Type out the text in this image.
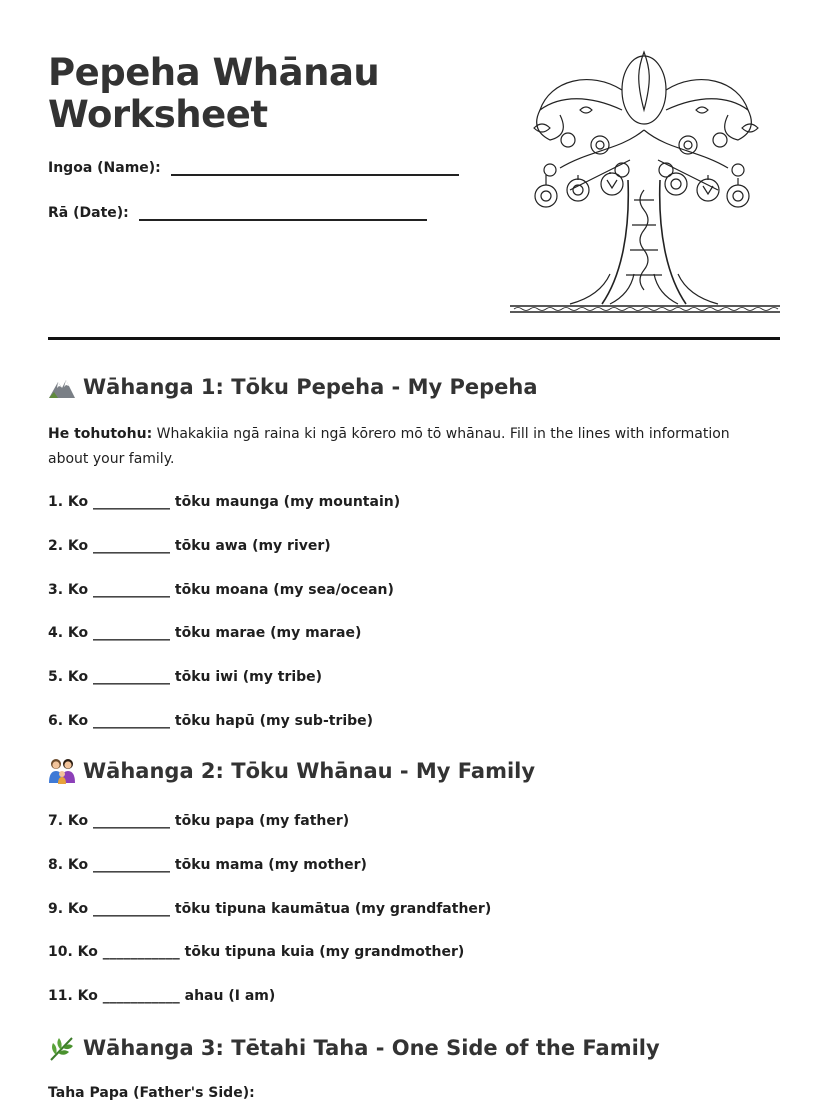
Pepeha Whānau Worksheet
Ingoa (Name):
Rā (Date):
Wāhanga 1: Tōku Pepeha - My Pepeha

He tohutohu: Whakakiia ngā raina ki ngā kōrero mō tō whānau. Fill in the lines with information about your family.

1. Ko ___________ tōku maunga (my mountain)
2. Ko ___________ tōku awa (my river)
3. Ko ___________ tōku moana (my sea/ocean)
4. Ko ___________ tōku marae (my marae)
5. Ko ___________ tōku iwi (my tribe)
6. Ko ___________ tōku hapū (my sub-tribe)
Wāhanga 2: Tōku Whānau - My Family
7. Ko ___________ tōku papa (my father)
8. Ko ___________ tōku mama (my mother)
9. Ko ___________ tōku tipuna kaumātua (my grandfather)
10. Ko ___________ tōku tipuna kuia (my grandmother)
11. Ko ___________ ahau (I am)
Wāhanga 3: Tētahi Taha - One Side of the Family
Taha Papa (Father's Side):
